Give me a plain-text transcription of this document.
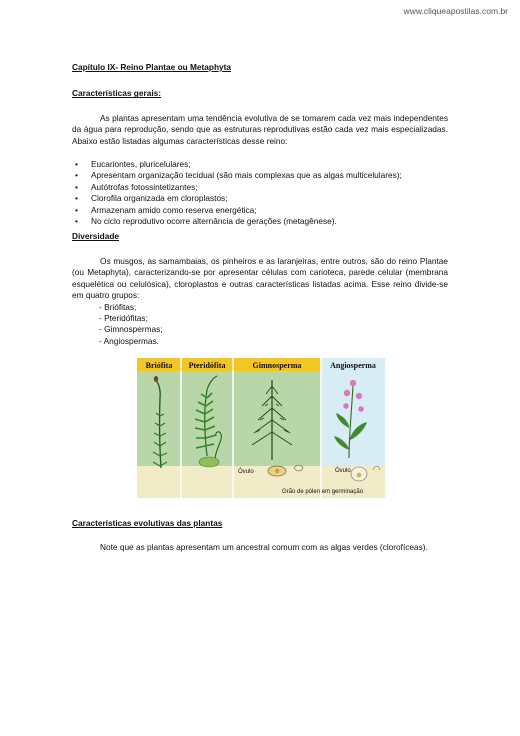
www.cliqueapostilas.com.br

Capítulo IX- Reino Plantae ou Metaphyta

Características gerais:

As plantas apresentam uma tendência evolutiva de se tornarem cada vez mais independentes da água para reprodução, sendo que as estruturas reprodutivas estão cada vez mais especializadas. Abaixo estão listadas algumas características desse reino:

• Eucariontes, pluricelulares;
• Apresentam organização tecidual (são mais complexas que as algas multicelulares);
• Autótrofas fotossintetizantes;
• Clorofila organizada em cloroplastos;
• Armazenam amido como reserva energética;
• No ciclo reprodutivo ocorre alternância de gerações (metagênese).

Diversidade

Os musgos, as samambaias, os pinheiros e as laranjeiras, entre outros, são do reino Plantae (ou Metaphyta), caracterizando-se por apresentar células com carioteca, parede celular (membrana esquelética ou celulósica), cloroplastos e outras características listadas acima. Esse reino divide-se em quatro grupos:

- Briófitas;
- Pteridófitas;
- Gimnospermas;
- Angiospermas.
Briófita Pteridófita	Gimnosperma	Angiosperma
Óvulo	Óvulo
Grão de pólen em germinação

Características evolutivas das plantas

Note que as plantas apresentam um ancestral comum com as algas verdes (clorofíceas).
